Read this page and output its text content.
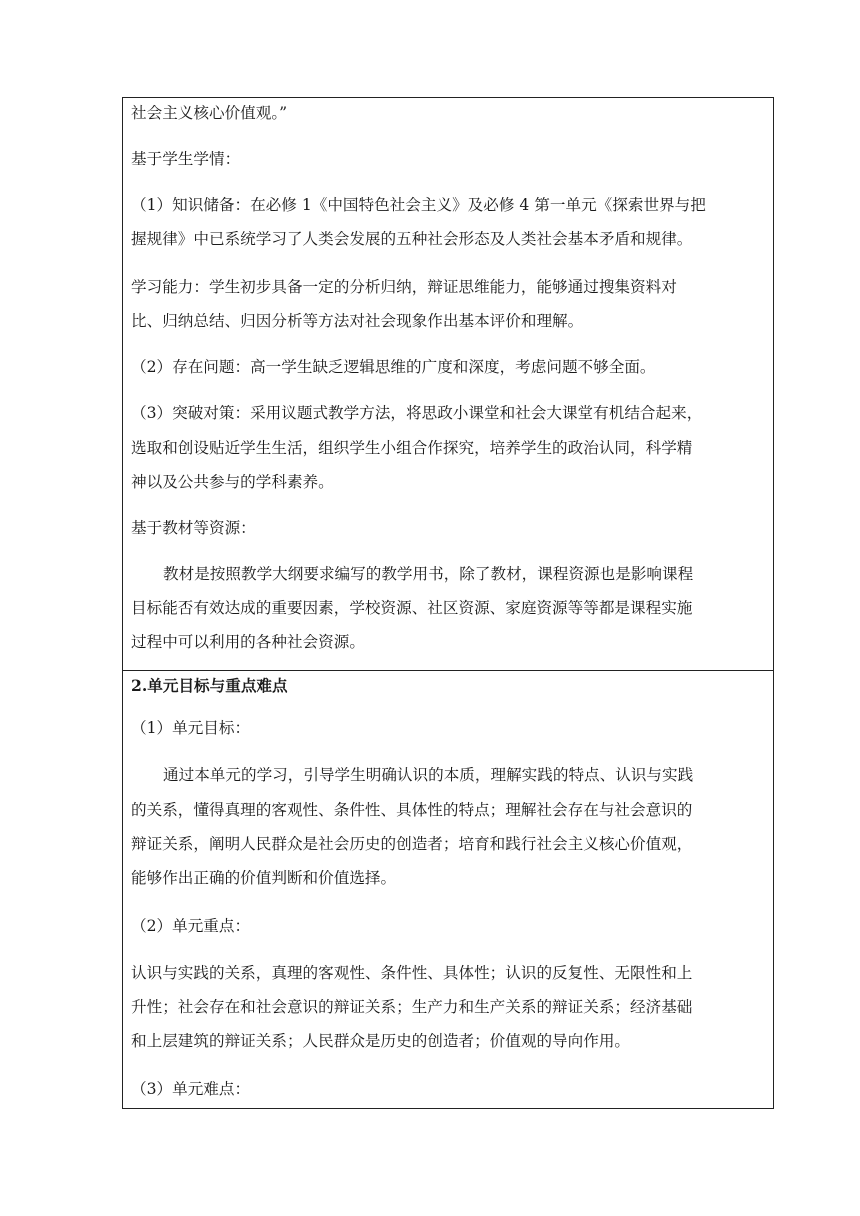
社会主义核心价值观。”
基于学生学情：
（1）知识储备：在必修 1《中国特色社会主义》及必修 4 第一单元《探索世界与把
握规律》中已系统学习了人类会发展的五种社会形态及人类社会基本矛盾和规律。
学习能力：学生初步具备一定的分析归纳，辩证思维能力，能够通过搜集资料对
比、归纳总结、归因分析等方法对社会现象作出基本评价和理解。
（2）存在问题：高一学生缺乏逻辑思维的广度和深度，考虑问题不够全面。
（3）突破对策：采用议题式教学方法，将思政小课堂和社会大课堂有机结合起来，
选取和创设贴近学生生活，组织学生小组合作探究，培养学生的政治认同，科学精
神以及公共参与的学科素养。
基于教材等资源：
教材是按照教学大纲要求编写的教学用书，除了教材，课程资源也是影响课程
目标能否有效达成的重要因素，学校资源、社区资源、家庭资源等等都是课程实施
过程中可以利用的各种社会资源。
2.单元目标与重点难点
（1）单元目标：
通过本单元的学习，引导学生明确认识的本质，理解实践的特点、认识与实践
的关系，懂得真理的客观性、条件性、具体性的特点；理解社会存在与社会意识的
辩证关系，阐明人民群众是社会历史的创造者；培育和践行社会主义核心价值观，
能够作出正确的价值判断和价值选择。
（2）单元重点：
认识与实践的关系，真理的客观性、条件性、具体性；认识的反复性、无限性和上
升性；社会存在和社会意识的辩证关系；生产力和生产关系的辩证关系；经济基础
和上层建筑的辩证关系；人民群众是历史的创造者；价值观的导向作用。
（3）单元难点：
